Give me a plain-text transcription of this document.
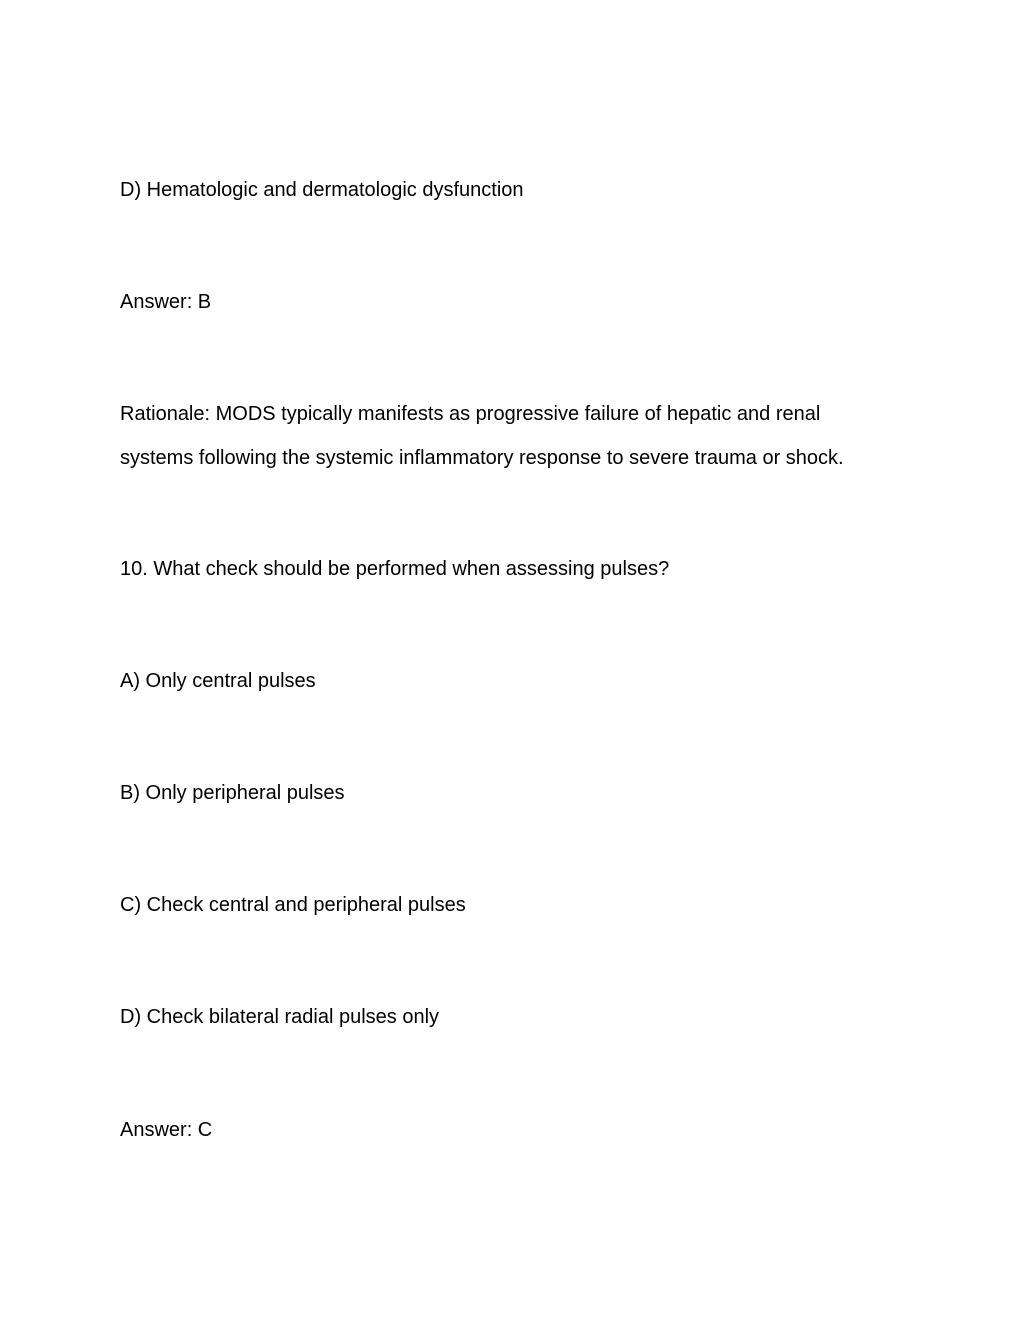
D) Hematologic and dermatologic dysfunction
Answer: B
Rationale: MODS typically manifests as progressive failure of hepatic and renal
systems following the systemic inflammatory response to severe trauma or shock.
10. What check should be performed when assessing pulses?
A) Only central pulses
B) Only peripheral pulses
C) Check central and peripheral pulses
D) Check bilateral radial pulses only
Answer: C
